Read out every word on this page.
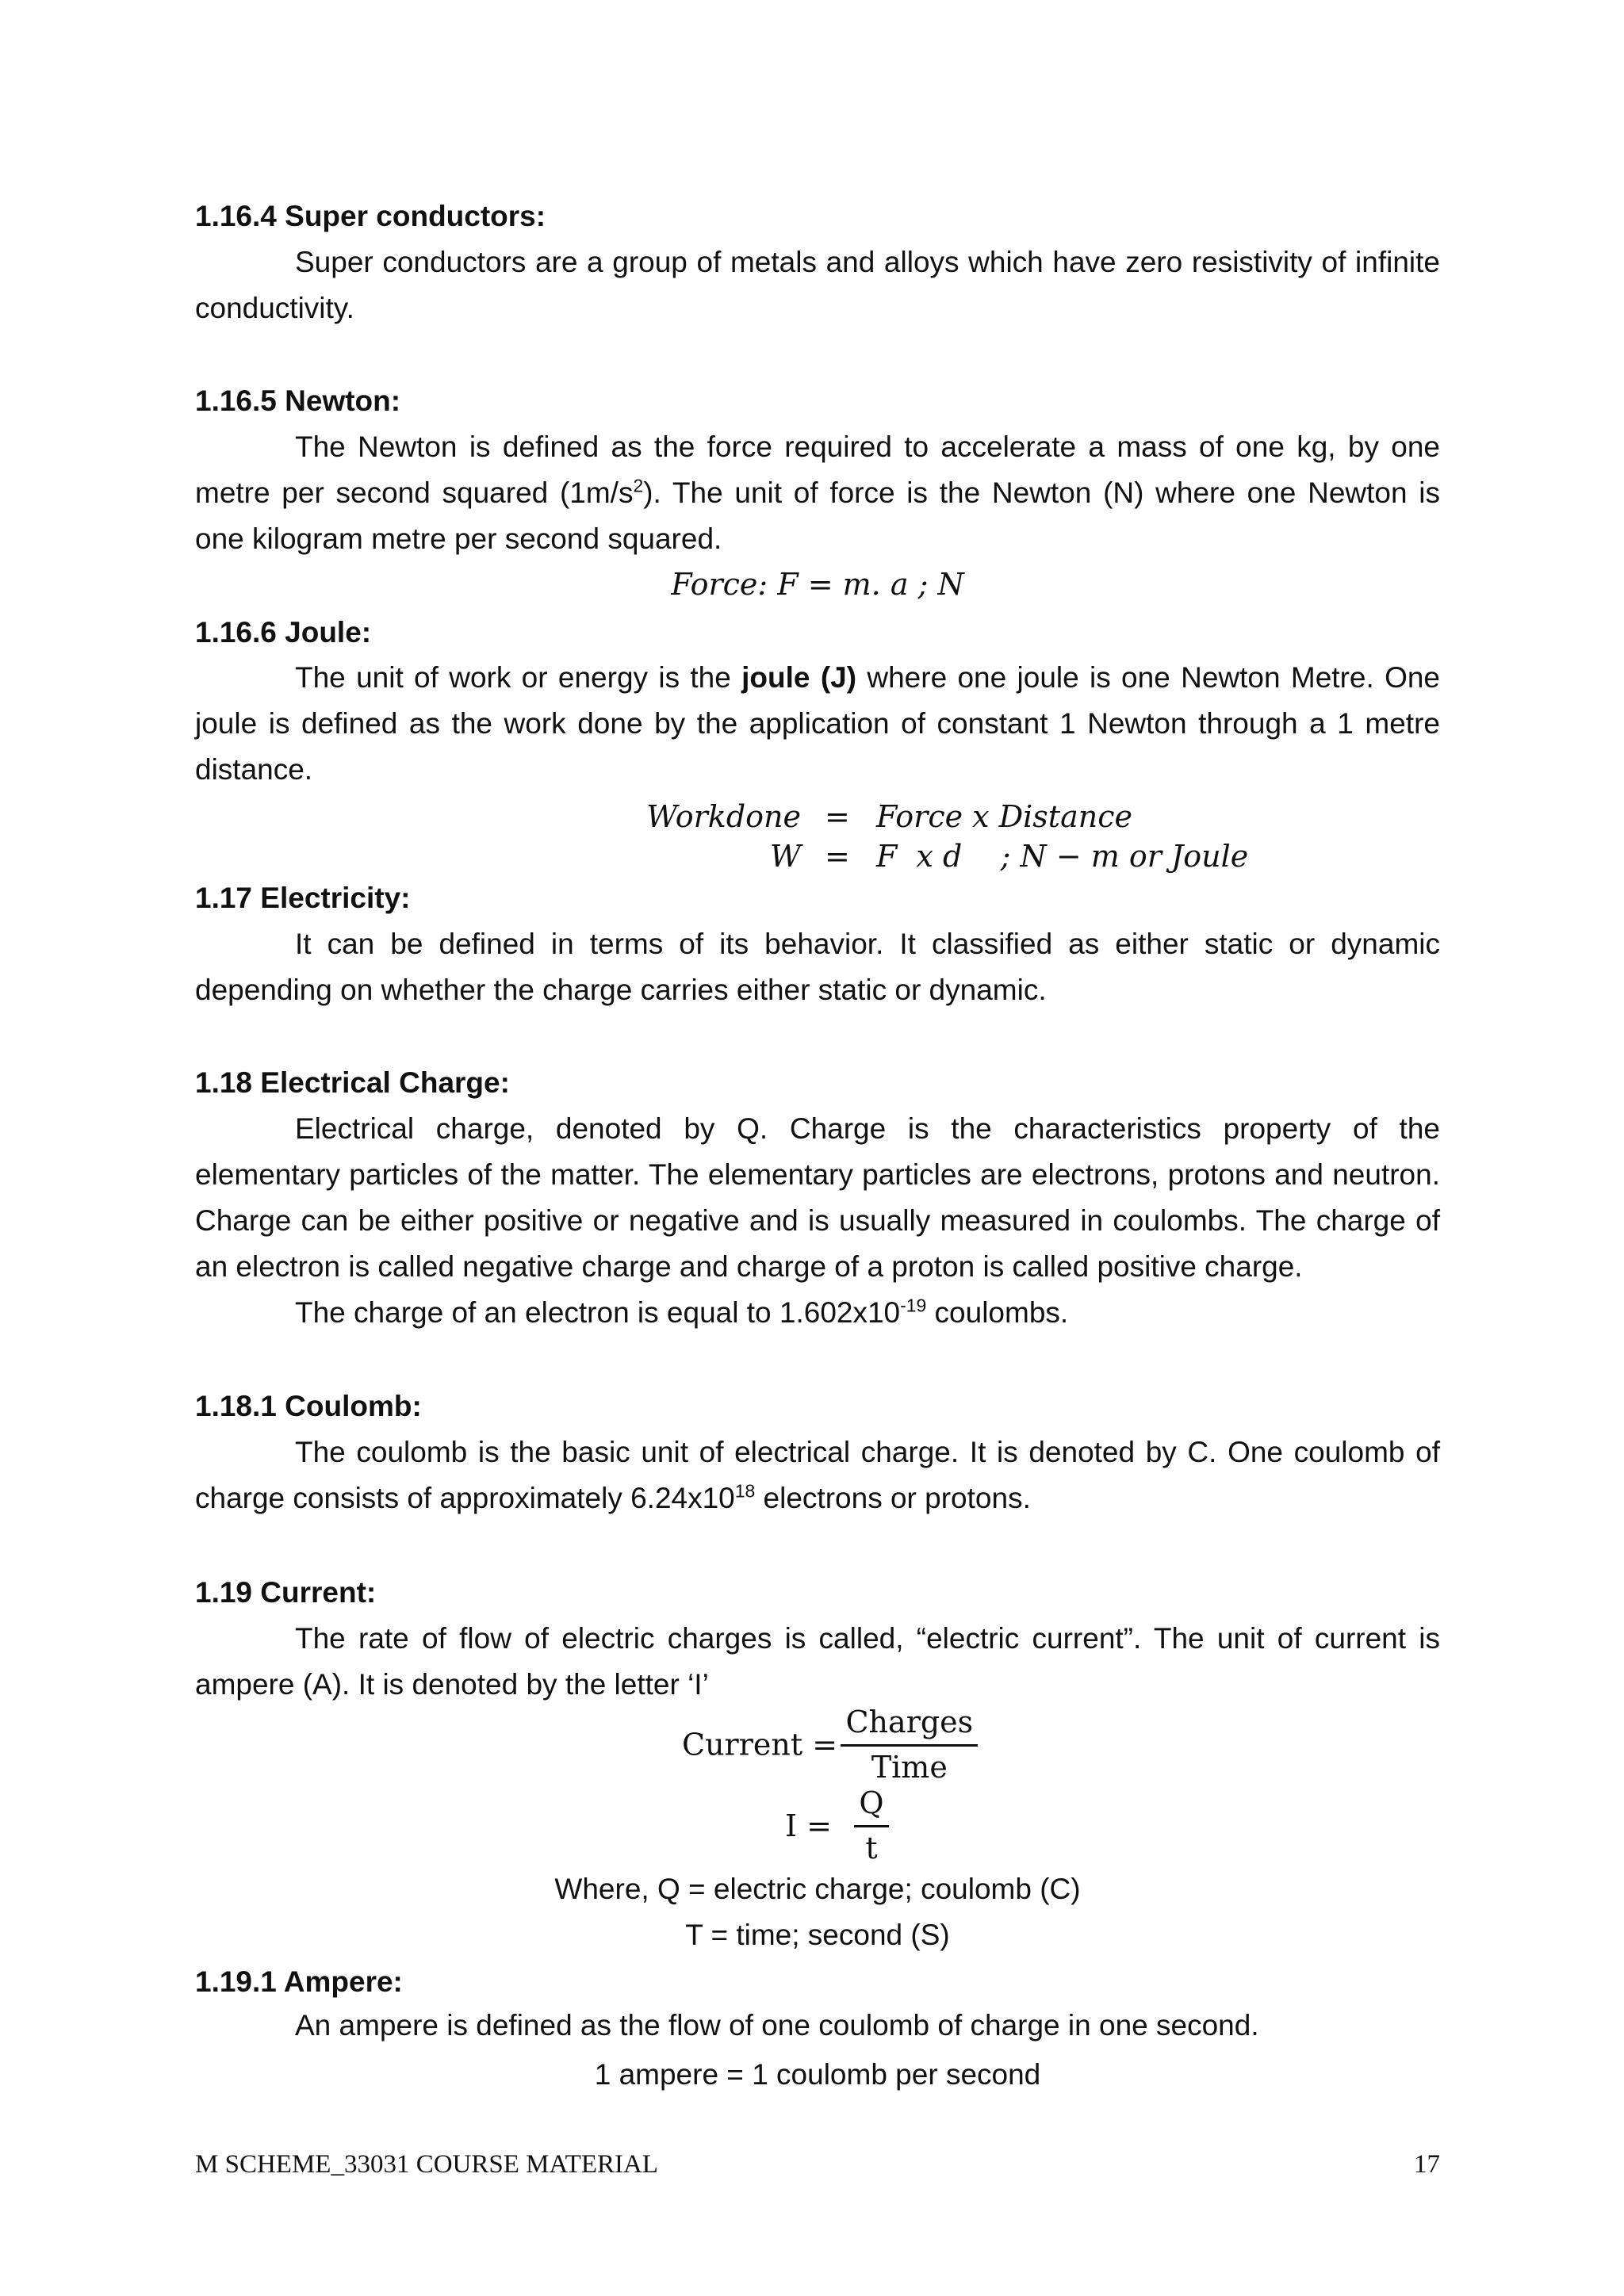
1.16.4 Super conductors:

Super conductors are a group of metals and alloys which have zero resistivity of infinite conductivity.

1.16.5 Newton:

The Newton is defined as the force required to accelerate a mass of one kg, by one metre per second squared $(1m/s^2)$. The unit of force is the Newton (N) where one Newton is one kilogram metre per second squared.

Force: F = m. a ; N
1.16.6 Joule:

The unit of work or energy is the joule (J) where one joule is one Newton Metre. One joule is defined as the work done by the application of constant 1 Newton through a 1 metre distance.

Workdone = Force x Distance
W = F  x d    ; N − m or Joule
1.17 Electricity:

It can be defined in terms of its behavior. It classified as either static or dynamic depending on whether the charge carries either static or dynamic.

1.18 Electrical Charge:

Electrical charge, denoted by Q. Charge is the characteristics property of the elementary particles of the matter. The elementary particles are electrons, protons and neutron. Charge can be either positive or negative and is usually measured in coulombs. The charge of an electron is called negative charge and charge of a proton is called positive charge.

The charge of an electron is equal to $1.602x10^{-19}$ coulombs.

1.18.1 Coulomb:

The coulomb is the basic unit of electrical charge. It is denoted by C. One coulomb of charge consists of approximately $6.24x10^{18}$ electrons or protons.

1.19 Current:

The rate of flow of electric charges is called, “electric current”. The unit of current is ampere (A). It is denoted by the letter ‘I’

Current = $\frac{\text{Charges}}{\text{Time}}$
$I = \frac{Q}{t}$
Where, Q = electric charge; coulomb (C)
T = time; second (S)
1.19.1 Ampere:

An ampere is defined as the flow of one coulomb of charge in one second.

1 ampere = 1 coulomb per second
M SCHEME_33031 COURSE MATERIAL	17
